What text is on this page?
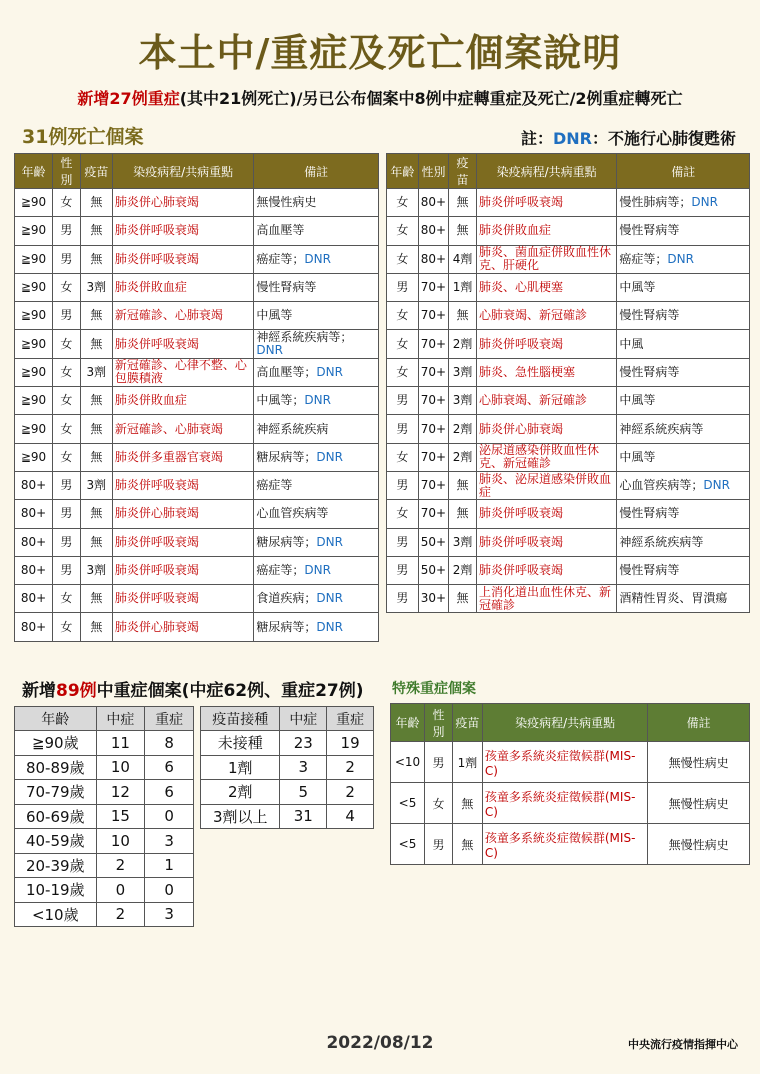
本土中/重症及死亡個案說明
新增27例重症(其中21例死亡)/另已公布個案中8例中症轉重症及死亡/2例重症轉死亡
31例死亡個案	註：DNR：不施行心肺復甦術
年齡	性別	疫苗	染疫病程/共病重點	備註
≧90	女	無	肺炎併心肺衰竭	無慢性病史
≧90	男	無	肺炎併呼吸衰竭	高血壓等
≧90	男	無	肺炎併呼吸衰竭	癌症等；DNR
≧90	女	3劑	肺炎併敗血症	慢性腎病等
≧90	男	無	新冠確診、心肺衰竭	中風等
≧90	女	無	肺炎併呼吸衰竭	神經系統疾病等；DNR
≧90	女	3劑	新冠確診、心律不整、心包膜積液	高血壓等；DNR
≧90	女	無	肺炎併敗血症	中風等；DNR
≧90	女	無	新冠確診、心肺衰竭	神經系統疾病
≧90	女	無	肺炎併多重器官衰竭	糖尿病等；DNR
80+	男	3劑	肺炎併呼吸衰竭	癌症等
80+	男	無	肺炎併心肺衰竭	心血管疾病等
80+	男	無	肺炎併呼吸衰竭	糖尿病等；DNR
80+	男	3劑	肺炎併呼吸衰竭	癌症等；DNR
80+	女	無	肺炎併呼吸衰竭	食道疾病；DNR
80+	女	無	肺炎併心肺衰竭	糖尿病等；DNR
年齡	性別	疫苗	染疫病程/共病重點	備註
女	80+	無	肺炎併呼吸衰竭	慢性肺病等；DNR
女	80+	無	肺炎併敗血症	慢性腎病等
女	80+	4劑	肺炎、菌血症併敗血性休克、肝硬化	癌症等；DNR
男	70+	1劑	肺炎、心肌梗塞	中風等
女	70+	無	心肺衰竭、新冠確診	慢性腎病等
女	70+	2劑	肺炎併呼吸衰竭	中風
女	70+	3劑	肺炎、急性腦梗塞	慢性腎病等
男	70+	3劑	心肺衰竭、新冠確診	中風等
男	70+	2劑	肺炎併心肺衰竭	神經系統疾病等
女	70+	2劑	泌尿道感染併敗血性休克、新冠確診	中風等
男	70+	無	肺炎、泌尿道感染併敗血症	心血管疾病等；DNR
女	70+	無	肺炎併呼吸衰竭	慢性腎病等
男	50+	3劑	肺炎併呼吸衰竭	神經系統疾病等
男	50+	2劑	肺炎併呼吸衰竭	慢性腎病等
男	30+	無	上消化道出血性休克、新冠確診	酒精性胃炎、胃潰瘍
新增89例中重症個案(中症62例、重症27例) 特殊重症個案
年齡	中症	重症
≧90歲	11	8
80-89歲	10	6
70-79歲	12	6
60-69歲	15	0
40-59歲	10	3
20-39歲	2	1
10-19歲	0	0
<10歲	2	3
疫苗接種	中症	重症
未接種	23	19
1劑	3	2
2劑	5	2
3劑以上	31	4
年齡	性別	疫苗	染疫病程/共病重點	備註
<10	男	1劑	孩童多系統炎症徵候群(MIS-C)	無慢性病史
<5	女	無	孩童多系統炎症徵候群(MIS-C)	無慢性病史
<5	男	無	孩童多系統炎症徵候群(MIS-C)	無慢性病史
2022/08/12	中央流行疫情指揮中心
